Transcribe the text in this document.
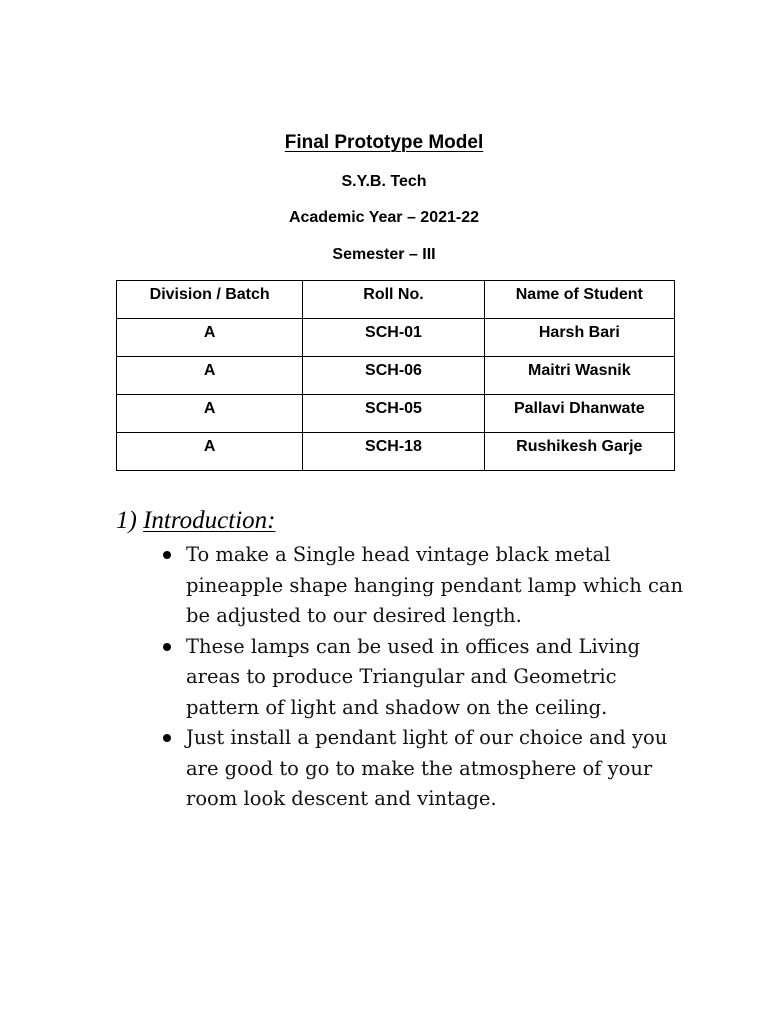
Final Prototype Model
S.Y.B. Tech
Academic Year – 2021-22
Semester – III
Division / Batch	Roll No.	Name of Student
A	SCH-01	Harsh Bari
A	SCH-06	Maitri Wasnik
A	SCH-05	Pallavi Dhanwate
A	SCH-18	Rushikesh Garje
1) Introduction:
To make a Single head vintage black metal pineapple shape hanging pendant lamp which can be adjusted to our desired length.
These lamps can be used in offices and Living areas to produce Triangular and Geometric pattern of light and shadow on the ceiling.
Just install a pendant light of our choice and you are good to go to make the atmosphere of your room look descent and vintage.
